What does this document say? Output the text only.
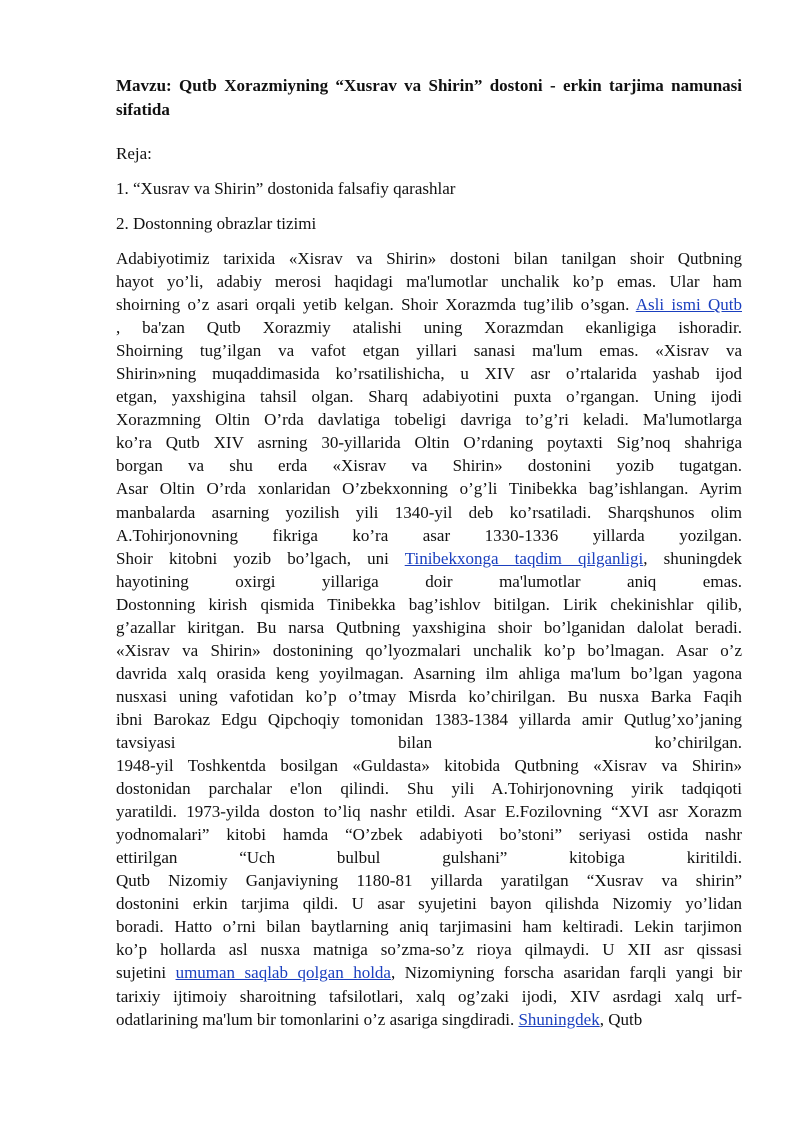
Mavzu: Qutb Xorazmiyning “Xusrav va Shirin” dostoni - erkin tarjima namunasi sifatida
Reja:
1. “Xusrav va Shirin” dostonida falsafiy qarashlar
2. Dostonning obrazlar tizimi
Adabiyotimiz tarixida «Xisrav va Shirin» dostoni bilan tanilgan shoir Qutbning
hayot yo’li, adabiy merosi haqidagi ma'lumotlar unchalik ko’p emas. Ular ham
shoirning o’z asari orqali yetib kelgan. Shoir Xorazmda tug’ilib o’sgan. Asli ismi Qutb
, ba'zan Qutb Xorazmiy atalishi uning Xorazmdan ekanligiga ishoradir.
Shoirning tug’ilgan va vafot etgan yillari sanasi ma'lum emas. «Xisrav va
Shirin»ning muqaddimasida ko’rsatilishicha, u XIV asr o’rtalarida yashab ijod
etgan, yaxshigina tahsil olgan. Sharq adabiyotini puxta o’rgangan. Uning ijodi
Xorazmning Oltin O’rda davlatiga tobeligi davriga to’g’ri keladi. Ma'lumotlarga
ko’ra Qutb XIV asrning 30-yillarida Oltin O’rdaning poytaxti Sig’noq shahriga
borgan va shu erda «Xisrav va Shirin» dostonini yozib tugatgan.
Asar Oltin O’rda xonlaridan O’zbekxonning o’g’li Tinibekka bag’ishlangan. Ayrim
manbalarda asarning yozilish yili 1340-yil deb ko’rsatiladi. Sharqshunos olim
A.Tohirjonovning fikriga ko’ra asar 1330-1336 yillarda yozilgan.
Shoir kitobni yozib bo’lgach, uni Tinibekxonga taqdim qilganligi, shuningdek
hayotining oxirgi yillariga doir ma'lumotlar aniq emas.
Dostonning kirish qismida Tinibekka bag’ishlov bitilgan. Lirik chekinishlar qilib,
g’azallar kiritgan. Bu narsa Qutbning yaxshigina shoir bo’lganidan dalolat beradi.
«Xisrav va Shirin» dostonining qo’lyozmalari unchalik ko’p bo’lmagan. Asar o’z
davrida xalq orasida keng yoyilmagan. Asarning ilm ahliga ma'lum bo’lgan yagona
nusxasi uning vafotidan ko’p o’tmay Misrda ko’chirilgan. Bu nusxa Barka Faqih
ibni Barokaz Edgu Qipchoqiy tomonidan 1383-1384 yillarda amir Qutlug’xo’janing
tavsiyasi bilan ko’chirilgan.
1948-yil Toshkentda bosilgan «Guldasta» kitobida Qutbning «Xisrav va Shirin»
dostonidan parchalar e'lon qilindi. Shu yili A.Tohirjonovning yirik tadqiqoti
yaratildi. 1973-yilda doston to’liq nashr etildi. Asar E.Fozilovning “XVI asr Xorazm
yodnomalari” kitobi hamda “O’zbek adabiyoti bo’stoni” seriyasi ostida nashr
ettirilgan “Uch bulbul gulshani” kitobiga kiritildi.
Qutb Nizomiy Ganjaviyning 1180-81 yillarda yaratilgan “Xusrav va shirin”
dostonini erkin tarjima qildi. U asar syujetini bayon qilishda Nizomiy yo’lidan
boradi. Hatto o’rni bilan baytlarning aniq tarjimasini ham keltiradi. Lekin tarjimon
ko’p hollarda asl nusxa matniga so’zma-so’z rioya qilmaydi. U XII asr qissasi
sujetini umuman saqlab qolgan holda, Nizomiyning forscha asaridan farqli yangi bir
tarixiy ijtimoiy sharoitning tafsilotlari, xalq og’zaki ijodi, XIV asrdagi xalq urf-
odatlarining ma'lum bir tomonlarini o’z asariga singdiradi. Shuningdek, Qutb
